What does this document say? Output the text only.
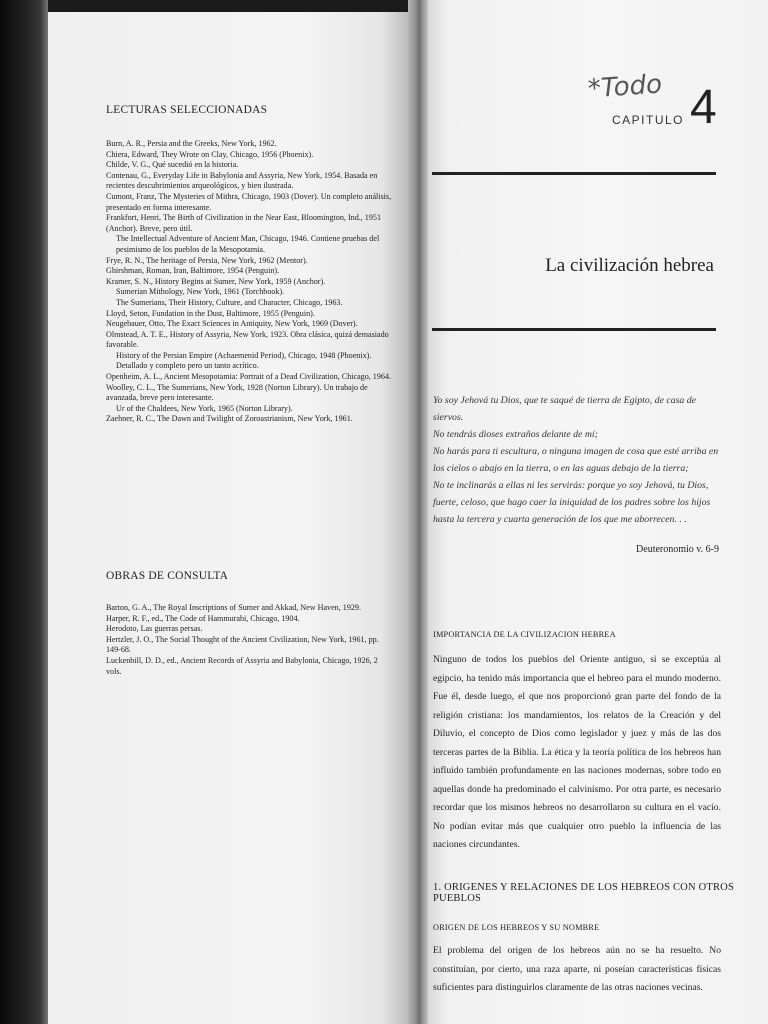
LECTURAS SELECCIONADAS

Burn, A. R., Persia and the Greeks, New York, 1962.

Chiera, Edward, They Wrote on Clay, Chicago, 1956 (Phoenix).

Childe, V. G., Qué sucedió en la historia.

Contenau, G., Everyday Life in Babylonia and Assyria, New York, 1954. Basada en recientes descubrimientos arqueológicos, y bien ilustrada.

Cumont, Franz, The Mysteries of Mithra, Chicago, 1903 (Dover). Un completo análisis, presentado en forma interesante.

Frankfort, Henri, The Birth of Civilization in the Near East, Bloomington, Ind., 1951 (Anchor). Breve, pero útil.

The Intellectual Adventure of Ancient Man, Chicago, 1946. Contiene pruebas del pesimismo de los pueblos de la Mesopotamia.

Frye, R. N., The heritage of Persia, New York, 1962 (Mentor).

Ghirshman, Roman, Iran, Baltimore, 1954 (Penguin).

Kramer, S. N., History Begins at Sumer, New York, 1959 (Anchor).

Sumerian Mithology, New York, 1961 (Torchbook).

The Sumerians, Their History, Culture, and Character, Chicago, 1963.

Lloyd, Seton, Fundation in the Dust, Baltimore, 1955 (Penguin).

Neugebauer, Otto, The Exact Sciences in Antiquity, New York, 1969 (Dover).

Olmstead, A. T. E., History of Assyria, New York, 1923. Obra clásica, quizá demasiado favorable.

History of the Persian Empire (Achaemenid Period), Chicago, 1948 (Phoenix). Detallado y completo pero un tanto acrítico.

Openheim, A. L., Ancient Mesopotamia: Portrait of a Dead Civilization, Chicago, 1964.

Woolley, C. L., The Sumerians, New York, 1928 (Norton Library). Un trabajo de avanzada, breve pero interesante.

Ur of the Chaldees, New York, 1965 (Norton Library).

Zaehner, R. C., The Dawn and Twilight of Zoroastrianism, New York, 1961.

OBRAS DE CONSULTA

Barton, G. A., The Royal Inscriptions of Sumer and Akkad, New Haven, 1929.

Harper, R. F., ed., The Code of Hammurabi, Chicago, 1904.

Herodoto, Las guerras persas.

Hertzler, J. O., The Social Thought of the Ancient Civilization, New York, 1961, pp. 149-68.

Luckenbill, D. D., ed., Ancient Records of Assyria and Babylonia, Chicago, 1926, 2 vols.

*Todo
CAPITULO 4
La civilización hebrea

Yo soy Jehová tu Dios, que te saqué de tierra de Egipto, de casa de siervos.

No tendrás dioses extraños delante de mí;

No harás para ti escultura, o ninguna imagen de cosa que esté arriba en los cielos o abajo en la tierra, o en las aguas debajo de la tierra;

No te inclinarás a ellas ni les servirás: porque yo soy Jehová, tu Dios, fuerte, celoso, que hago caer la iniquidad de los padres sobre los hijos hasta la tercera y cuarta generación de los que me aborrecen. . .

Deuteronomio v. 6-9
IMPORTANCIA DE LA CIVILIZACION HEBREA

Ninguno de todos los pueblos del Oriente antiguo, si se exceptúa al egipcio, ha tenido más importancia que el hebreo para el mundo moderno. Fue él, desde luego, el que nos proporcionó gran parte del fondo de la religión cristiana: los mandamientos, los relatos de la Creación y del Diluvio, el concepto de Dios como legislador y juez y más de las dos terceras partes de la Biblia. La ética y la teoría política de los hebreos han influido también profundamente en las naciones modernas, sobre todo en aquellas donde ha predominado el calvinismo. Por otra parte, es necesario recordar que los mismos hebreos no desarrollaron su cultura en el vacío. No podían evitar más que cualquier otro pueblo la influencia de las naciones circundantes.

1. ORIGENES Y RELACIONES DE LOS HEBREOS CON OTROS PUEBLOS
ORIGEN DE LOS HEBREOS Y SU NOMBRE

El problema del origen de los hebreos aún no se ha resuelto. No constituían, por cierto, una raza aparte, ni poseían características físicas suficientes para distinguirlos claramente de las otras naciones vecinas.
